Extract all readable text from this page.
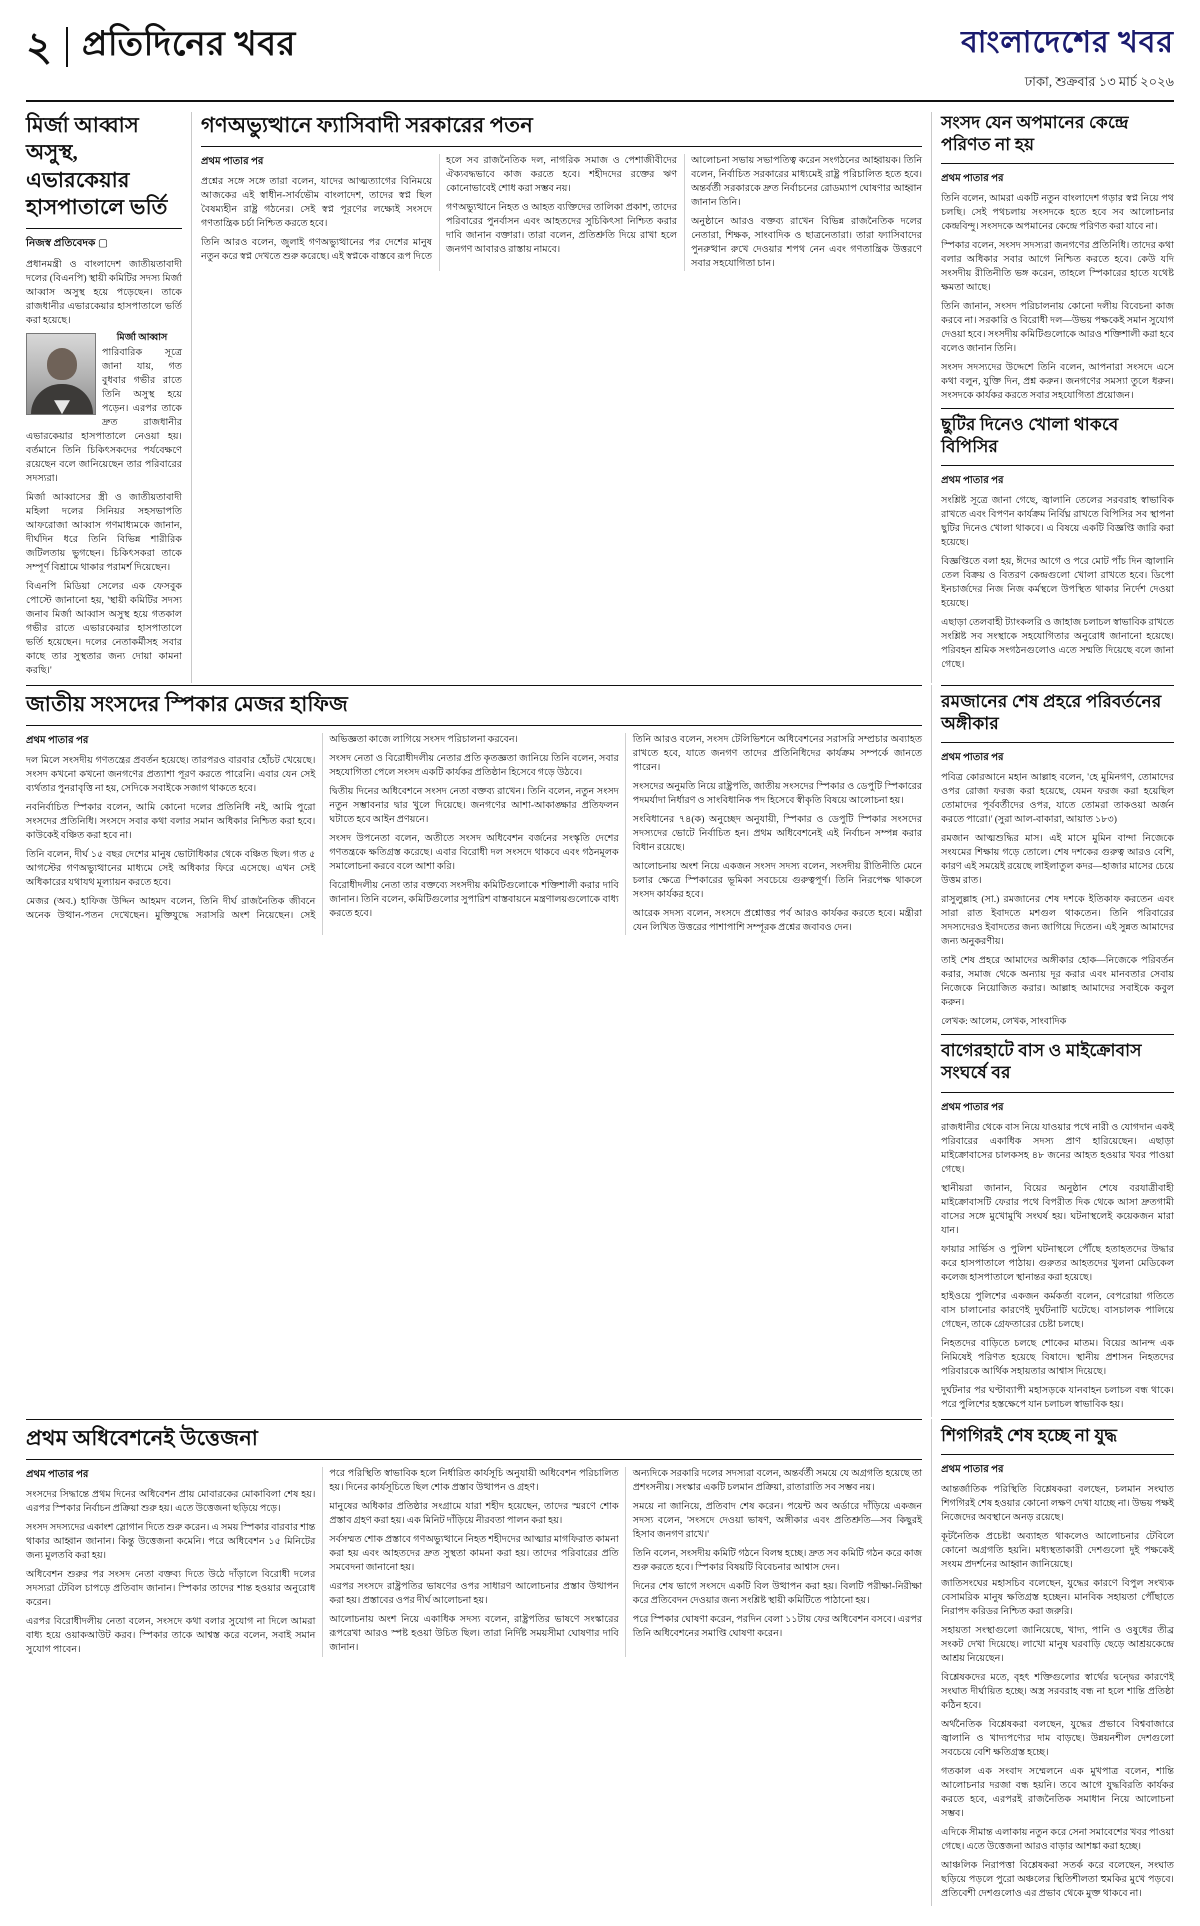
২ প্রতিদিনের খবর	বাংলাদেশের খবর
ঢাকা, শুক্রবার ১৩ মার্চ ২০২৬
মির্জা আব্বাস অসুস্থ, এভারকেয়ার হাসপাতালে ভর্তি
নিজস্ব প্রতিবেদক ▢

প্রধানমন্ত্রী ও বাংলাদেশ জাতীয়তাবাদী দলের (বিএনপি) স্থায়ী কমিটির সদস্য মির্জা আব্বাস অসুস্থ হয়ে পড়েছেন। তাকে রাজধানীর এভারকেয়ার হাসপাতালে ভর্তি করা হয়েছে।

মির্জা আব্বাস

পারিবারিক সূত্রে জানা যায়, গত বুধবার গভীর রাতে তিনি অসুস্থ হয়ে পড়েন। এরপর তাকে দ্রুত রাজধানীর এভারকেয়ার হাসপাতালে নেওয়া হয়। বর্তমানে তিনি চিকিৎসকদের পর্যবেক্ষণে রয়েছেন বলে জানিয়েছেন তার পরিবারের সদস্যরা।

মির্জা আব্বাসের স্ত্রী ও জাতীয়তাবাদী মহিলা দলের সিনিয়র সহসভাপতি আফরোজা আব্বাস গণমাধ্যমকে জানান, দীর্ঘদিন ধরে তিনি বিভিন্ন শারীরিক জটিলতায় ভুগছেন। চিকিৎসকরা তাকে সম্পূর্ণ বিশ্রামে থাকার পরামর্শ দিয়েছেন।

বিএনপি মিডিয়া সেলের এক ফেসবুক পোস্টে জানানো হয়, 'স্থায়ী কমিটির সদস্য জনাব মির্জা আব্বাস অসুস্থ হয়ে গতকাল গভীর রাতে এভারকেয়ার হাসপাতালে ভর্তি হয়েছেন। দলের নেতাকর্মীসহ সবার কাছে তার সুস্থতার জন্য দোয়া কামনা করছি।'

গণঅভ্যুত্থানে ফ্যাসিবাদী সরকারের পতন
প্রথম পাতার পর

প্রশ্নের সঙ্গে সঙ্গে তারা বলেন, যাদের আত্মত্যাগের বিনিময়ে আজকের এই স্বাধীন-সার্বভৌম বাংলাদেশ, তাদের স্বপ্ন ছিল বৈষম্যহীন রাষ্ট্র গঠনের। সেই স্বপ্ন পূরণের লক্ষ্যেই সংসদে গণতান্ত্রিক চর্চা নিশ্চিত করতে হবে।

তিনি আরও বলেন, জুলাই গণঅভ্যুত্থানের পর দেশের মানুষ নতুন করে স্বপ্ন দেখতে শুরু করেছে। এই স্বপ্নকে বাস্তবে রূপ দিতে হলে সব রাজনৈতিক দল, নাগরিক সমাজ ও পেশাজীবীদের ঐক্যবদ্ধভাবে কাজ করতে হবে। শহীদদের রক্তের ঋণ কোনোভাবেই শোধ করা সম্ভব নয়।

গণঅভ্যুত্থানে নিহত ও আহত ব্যক্তিদের তালিকা প্রকাশ, তাদের পরিবারের পুনর্বাসন এবং আহতদের সুচিকিৎসা নিশ্চিত করার দাবি জানান বক্তারা। তারা বলেন, প্রতিশ্রুতি দিয়ে রাখা হলে জনগণ আবারও রাস্তায় নামবে।

আলোচনা সভায় সভাপতিত্ব করেন সংগঠনের আহ্বায়ক। তিনি বলেন, নির্বাচিত সরকারের মাধ্যমেই রাষ্ট্র পরিচালিত হতে হবে। অন্তর্বর্তী সরকারকে দ্রুত নির্বাচনের রোডম্যাপ ঘোষণার আহ্বান জানান তিনি।

অনুষ্ঠানে আরও বক্তব্য রাখেন বিভিন্ন রাজনৈতিক দলের নেতারা, শিক্ষক, সাংবাদিক ও ছাত্রনেতারা। তারা ফ্যাসিবাদের পুনরুত্থান রুখে দেওয়ার শপথ নেন এবং গণতান্ত্রিক উত্তরণে সবার সহযোগিতা চান।

সংসদ যেন অপমানের কেন্দ্রে পরিণত না হয়
প্রথম পাতার পর

তিনি বলেন, আমরা একটি নতুন বাংলাদেশ গড়ার স্বপ্ন নিয়ে পথ চলছি। সেই পথচলায় সংসদকে হতে হবে সব আলোচনার কেন্দ্রবিন্দু। সংসদকে অপমানের কেন্দ্রে পরিণত করা যাবে না।

স্পিকার বলেন, সংসদ সদস্যরা জনগণের প্রতিনিধি। তাদের কথা বলার অধিকার সবার আগে নিশ্চিত করতে হবে। কেউ যদি সংসদীয় রীতিনীতি ভঙ্গ করেন, তাহলে স্পিকারের হাতে যথেষ্ট ক্ষমতা আছে।

তিনি জানান, সংসদ পরিচালনায় কোনো দলীয় বিবেচনা কাজ করবে না। সরকারি ও বিরোধী দল—উভয় পক্ষকেই সমান সুযোগ দেওয়া হবে। সংসদীয় কমিটিগুলোকে আরও শক্তিশালী করা হবে বলেও জানান তিনি।

সংসদ সদস্যদের উদ্দেশে তিনি বলেন, আপনারা সংসদে এসে কথা বলুন, যুক্তি দিন, প্রশ্ন করুন। জনগণের সমস্যা তুলে ধরুন। সংসদকে কার্যকর করতে সবার সহযোগিতা প্রয়োজন।

ছুটির দিনেও খোলা থাকবে বিপিসির
প্রথম পাতার পর

সংশ্লিষ্ট সূত্রে জানা গেছে, জ্বালানি তেলের সরবরাহ স্বাভাবিক রাখতে এবং বিপণন কার্যক্রম নির্বিঘ্ন রাখতে বিপিসির সব স্থাপনা ছুটির দিনেও খোলা থাকবে। এ বিষয়ে একটি বিজ্ঞপ্তি জারি করা হয়েছে।

বিজ্ঞপ্তিতে বলা হয়, ঈদের আগে ও পরে মোট পাঁচ দিন জ্বালানি তেল বিক্রয় ও বিতরণ কেন্দ্রগুলো খোলা রাখতে হবে। ডিপো ইনচার্জদের নিজ নিজ কর্মস্থলে উপস্থিত থাকার নির্দেশ দেওয়া হয়েছে।

এছাড়া তেলবাহী ট্যাংকলরি ও জাহাজ চলাচল স্বাভাবিক রাখতে সংশ্লিষ্ট সব সংস্থাকে সহযোগিতার অনুরোধ জানানো হয়েছে। পরিবহন শ্রমিক সংগঠনগুলোও এতে সম্মতি দিয়েছে বলে জানা গেছে।

জাতীয় সংসদের স্পিকার মেজর হাফিজ
প্রথম পাতার পর

দল মিলে সংসদীয় গণতন্ত্রের প্রবর্তন হয়েছে। তারপরও বারবার হোঁচট খেয়েছে। সংসদ কখনো কখনো জনগণের প্রত্যাশা পূরণ করতে পারেনি। এবার যেন সেই ব্যর্থতার পুনরাবৃত্তি না হয়, সেদিকে সবাইকে সজাগ থাকতে হবে।

নবনির্বাচিত স্পিকার বলেন, আমি কোনো দলের প্রতিনিধি নই, আমি পুরো সংসদের প্রতিনিধি। সংসদে সবার কথা বলার সমান অধিকার নিশ্চিত করা হবে। কাউকেই বঞ্চিত করা হবে না।

তিনি বলেন, দীর্ঘ ১৫ বছর দেশের মানুষ ভোটাধিকার থেকে বঞ্চিত ছিল। গত ৫ আগস্টের গণঅভ্যুত্থানের মাধ্যমে সেই অধিকার ফিরে এসেছে। এখন সেই অধিকারের যথাযথ মূল্যায়ন করতে হবে।

মেজর (অব.) হাফিজ উদ্দিন আহমদ বলেন, তিনি দীর্ঘ রাজনৈতিক জীবনে অনেক উত্থান-পতন দেখেছেন। মুক্তিযুদ্ধে সরাসরি অংশ নিয়েছেন। সেই অভিজ্ঞতা কাজে লাগিয়ে সংসদ পরিচালনা করবেন।

সংসদ নেতা ও বিরোধীদলীয় নেতার প্রতি কৃতজ্ঞতা জানিয়ে তিনি বলেন, সবার সহযোগিতা পেলে সংসদ একটি কার্যকর প্রতিষ্ঠান হিসেবে গড়ে উঠবে।

দ্বিতীয় দিনের অধিবেশনে সংসদ নেতা বক্তব্য রাখেন। তিনি বলেন, নতুন সংসদ নতুন সম্ভাবনার দ্বার খুলে দিয়েছে। জনগণের আশা-আকাঙ্ক্ষার প্রতিফলন ঘটাতে হবে আইন প্রণয়নে।

সংসদ উপনেতা বলেন, অতীতে সংসদ অধিবেশন বর্জনের সংস্কৃতি দেশের গণতন্ত্রকে ক্ষতিগ্রস্ত করেছে। এবার বিরোধী দল সংসদে থাকবে এবং গঠনমূলক সমালোচনা করবে বলে আশা করি।

বিরোধীদলীয় নেতা তার বক্তব্যে সংসদীয় কমিটিগুলোকে শক্তিশালী করার দাবি জানান। তিনি বলেন, কমিটিগুলোর সুপারিশ বাস্তবায়নে মন্ত্রণালয়গুলোকে বাধ্য করতে হবে।

তিনি আরও বলেন, সংসদ টেলিভিশনে অধিবেশনের সরাসরি সম্প্রচার অব্যাহত রাখতে হবে, যাতে জনগণ তাদের প্রতিনিধিদের কার্যক্রম সম্পর্কে জানতে পারেন।

সংসদের অনুমতি নিয়ে রাষ্ট্রপতি, জাতীয় সংসদের স্পিকার ও ডেপুটি স্পিকারের পদমর্যাদা নির্ধারণ ও সাংবিধানিক পদ হিসেবে স্বীকৃতি বিষয়ে আলোচনা হয়।

সংবিধানের ৭৪(ক) অনুচ্ছেদ অনুযায়ী, স্পিকার ও ডেপুটি স্পিকার সংসদের সদস্যদের ভোটে নির্বাচিত হন। প্রথম অধিবেশনেই এই নির্বাচন সম্পন্ন করার বিধান রয়েছে।

আলোচনায় অংশ নিয়ে একজন সংসদ সদস্য বলেন, সংসদীয় রীতিনীতি মেনে চলার ক্ষেত্রে স্পিকারের ভূমিকা সবচেয়ে গুরুত্বপূর্ণ। তিনি নিরপেক্ষ থাকলে সংসদ কার্যকর হবে।

আরেক সদস্য বলেন, সংসদে প্রশ্নোত্তর পর্ব আরও কার্যকর করতে হবে। মন্ত্রীরা যেন লিখিত উত্তরের পাশাপাশি সম্পূরক প্রশ্নের জবাবও দেন।

রমজানের শেষ প্রহরে পরিবর্তনের অঙ্গীকার
প্রথম পাতার পর

পবিত্র কোরআনে মহান আল্লাহ বলেন, 'হে মুমিনগণ, তোমাদের ওপর রোজা ফরজ করা হয়েছে, যেমন ফরজ করা হয়েছিল তোমাদের পূর্ববর্তীদের ওপর, যাতে তোমরা তাকওয়া অর্জন করতে পারো।' (সুরা আল-বাকারা, আয়াত ১৮৩)

রমজান আত্মশুদ্ধির মাস। এই মাসে মুমিন বান্দা নিজেকে সংযমের শিক্ষায় গড়ে তোলে। শেষ দশকের গুরুত্ব আরও বেশি, কারণ এই সময়েই রয়েছে লাইলাতুল কদর—হাজার মাসের চেয়ে উত্তম রাত।

রাসুলুল্লাহ (সা.) রমজানের শেষ দশকে ইতিকাফ করতেন এবং সারা রাত ইবাদতে মশগুল থাকতেন। তিনি পরিবারের সদস্যদেরও ইবাদতের জন্য জাগিয়ে দিতেন। এই সুন্নত আমাদের জন্য অনুকরণীয়।

তাই শেষ প্রহরে আমাদের অঙ্গীকার হোক—নিজেকে পরিবর্তন করার, সমাজ থেকে অন্যায় দূর করার এবং মানবতার সেবায় নিজেকে নিয়োজিত করার। আল্লাহ আমাদের সবাইকে কবুল করুন।

লেখক: আলেম, লেখক, সাংবাদিক

বাগেরহাটে বাস ও মাইক্রোবাস সংঘর্ষে বর
প্রথম পাতার পর

রাজধানীর থেকে বাস নিয়ে যাওয়ার পথে নারী ও যোগদান একই পরিবারের একাধিক সদস্য প্রাণ হারিয়েছেন। এছাড়া মাইক্রোবাসের চালকসহ ৪৮ জনের আহত হওয়ার খবর পাওয়া গেছে।

স্থানীয়রা জানান, বিয়ের অনুষ্ঠান শেষে বরযাত্রীবাহী মাইক্রোবাসটি ফেরার পথে বিপরীত দিক থেকে আসা দ্রুতগামী বাসের সঙ্গে মুখোমুখি সংঘর্ষ হয়। ঘটনাস্থলেই কয়েকজন মারা যান।

ফায়ার সার্ভিস ও পুলিশ ঘটনাস্থলে পৌঁছে হতাহতদের উদ্ধার করে হাসপাতালে পাঠায়। গুরুতর আহতদের খুলনা মেডিকেল কলেজ হাসপাতালে স্থানান্তর করা হয়েছে।

হাইওয়ে পুলিশের একজন কর্মকর্তা বলেন, বেপরোয়া গতিতে বাস চালানোর কারণেই দুর্ঘটনাটি ঘটেছে। বাসচালক পালিয়ে গেছেন, তাকে গ্রেফতারের চেষ্টা চলছে।

নিহতদের বাড়িতে চলছে শোকের মাতম। বিয়ের আনন্দ এক নিমিষেই পরিণত হয়েছে বিষাদে। স্থানীয় প্রশাসন নিহতদের পরিবারকে আর্থিক সহায়তার আশ্বাস দিয়েছে।

দুর্ঘটনার পর ঘণ্টাব্যাপী মহাসড়কে যানবাহন চলাচল বন্ধ থাকে। পরে পুলিশের হস্তক্ষেপে যান চলাচল স্বাভাবিক হয়।

প্রথম অধিবেশনেই উত্তেজনা
প্রথম পাতার পর

সংসদের সিদ্ধান্তে প্রথম দিনের অধিবেশন প্রায় মোবারকের মোকাবিলা শেষ হয়। এরপর স্পিকার নির্বাচন প্রক্রিয়া শুরু হয়। এতে উত্তেজনা ছড়িয়ে পড়ে।

সংসদ সদস্যদের একাংশ স্লোগান দিতে শুরু করেন। এ সময় স্পিকার বারবার শান্ত থাকার আহ্বান জানান। কিন্তু উত্তেজনা কমেনি। পরে অধিবেশন ১৫ মিনিটের জন্য মুলতবি করা হয়।

অধিবেশন শুরুর পর সংসদ নেতা বক্তব্য দিতে উঠে দাঁড়ালে বিরোধী দলের সদস্যরা টেবিল চাপড়ে প্রতিবাদ জানান। স্পিকার তাদের শান্ত হওয়ার অনুরোধ করেন।

এরপর বিরোধীদলীয় নেতা বলেন, সংসদে কথা বলার সুযোগ না দিলে আমরা বাধ্য হয়ে ওয়াকআউট করব। স্পিকার তাকে আশ্বস্ত করে বলেন, সবাই সমান সুযোগ পাবেন।

পরে পরিস্থিতি স্বাভাবিক হলে নির্ধারিত কার্যসূচি অনুযায়ী অধিবেশন পরিচালিত হয়। দিনের কার্যসূচিতে ছিল শোক প্রস্তাব উত্থাপন ও গ্রহণ।

মানুষের অধিকার প্রতিষ্ঠার সংগ্রামে যারা শহীদ হয়েছেন, তাদের স্মরণে শোক প্রস্তাব গ্রহণ করা হয়। এক মিনিট দাঁড়িয়ে নীরবতা পালন করা হয়।

সর্বসম্মত শোক প্রস্তাবে গণঅভ্যুত্থানে নিহত শহীদদের আত্মার মাগফিরাত কামনা করা হয় এবং আহতদের দ্রুত সুস্থতা কামনা করা হয়। তাদের পরিবারের প্রতি সমবেদনা জানানো হয়।

এরপর সংসদে রাষ্ট্রপতির ভাষণের ওপর সাধারণ আলোচনার প্রস্তাব উত্থাপন করা হয়। প্রস্তাবের ওপর দীর্ঘ আলোচনা হয়।

আলোচনায় অংশ নিয়ে একাধিক সদস্য বলেন, রাষ্ট্রপতির ভাষণে সংস্কারের রূপরেখা আরও স্পষ্ট হওয়া উচিত ছিল। তারা নির্দিষ্ট সময়সীমা ঘোষণার দাবি জানান।

অন্যদিকে সরকারি দলের সদস্যরা বলেন, অন্তর্বর্তী সময়ে যে অগ্রগতি হয়েছে তা প্রশংসনীয়। সংস্কার একটি চলমান প্রক্রিয়া, রাতারাতি সব সম্ভব নয়।

সময়ে না জানিয়ে, প্রতিবাদ শেষ করেন। পয়েন্ট অব অর্ডারে দাঁড়িয়ে একজন সদস্য বলেন, 'সংসদে দেওয়া ভাষণ, অঙ্গীকার এবং প্রতিশ্রুতি—সব কিছুরই হিসাব জনগণ রাখে।'

তিনি বলেন, সংসদীয় কমিটি গঠনে বিলম্ব হচ্ছে। দ্রুত সব কমিটি গঠন করে কাজ শুরু করতে হবে। স্পিকার বিষয়টি বিবেচনার আশ্বাস দেন।

দিনের শেষ ভাগে সংসদে একটি বিল উত্থাপন করা হয়। বিলটি পরীক্ষা-নিরীক্ষা করে প্রতিবেদন দেওয়ার জন্য সংশ্লিষ্ট স্থায়ী কমিটিতে পাঠানো হয়।

পরে স্পিকার ঘোষণা করেন, পরদিন বেলা ১১টায় ফের অধিবেশন বসবে। এরপর তিনি অধিবেশনের সমাপ্তি ঘোষণা করেন।

শিগগিরই শেষ হচ্ছে না যুদ্ধ
প্রথম পাতার পর

আন্তর্জাতিক পরিস্থিতি বিশ্লেষকরা বলছেন, চলমান সংঘাত শিগগিরই শেষ হওয়ার কোনো লক্ষণ দেখা যাচ্ছে না। উভয় পক্ষই নিজেদের অবস্থানে অনড় রয়েছে।

কূটনৈতিক প্রচেষ্টা অব্যাহত থাকলেও আলোচনার টেবিলে কোনো অগ্রগতি হয়নি। মধ্যস্থতাকারী দেশগুলো দুই পক্ষকেই সংযম প্রদর্শনের আহ্বান জানিয়েছে।

জাতিসংঘের মহাসচিব বলেছেন, যুদ্ধের কারণে বিপুল সংখ্যক বেসামরিক মানুষ ক্ষতিগ্রস্ত হচ্ছেন। মানবিক সহায়তা পৌঁছাতে নিরাপদ করিডর নিশ্চিত করা জরুরি।

সহায়তা সংস্থাগুলো জানিয়েছে, খাদ্য, পানি ও ওষুধের তীব্র সংকট দেখা দিয়েছে। লাখো মানুষ ঘরবাড়ি ছেড়ে আশ্রয়কেন্দ্রে আশ্রয় নিয়েছেন।

বিশ্লেষকদের মতে, বৃহৎ শক্তিগুলোর স্বার্থের দ্বন্দ্বের কারণেই সংঘাত দীর্ঘায়িত হচ্ছে। অস্ত্র সরবরাহ বন্ধ না হলে শান্তি প্রতিষ্ঠা কঠিন হবে।

অর্থনৈতিক বিশ্লেষকরা বলছেন, যুদ্ধের প্রভাবে বিশ্ববাজারে জ্বালানি ও খাদ্যপণ্যের দাম বাড়ছে। উন্নয়নশীল দেশগুলো সবচেয়ে বেশি ক্ষতিগ্রস্ত হচ্ছে।

গতকাল এক সংবাদ সম্মেলনে এক মুখপাত্র বলেন, শান্তি আলোচনার দরজা বন্ধ হয়নি। তবে আগে যুদ্ধবিরতি কার্যকর করতে হবে, এরপরই রাজনৈতিক সমাধান নিয়ে আলোচনা সম্ভব।

এদিকে সীমান্ত এলাকায় নতুন করে সেনা সমাবেশের খবর পাওয়া গেছে। এতে উত্তেজনা আরও বাড়ার আশঙ্কা করা হচ্ছে।

আঞ্চলিক নিরাপত্তা বিশ্লেষকরা সতর্ক করে বলেছেন, সংঘাত ছড়িয়ে পড়লে পুরো অঞ্চলের স্থিতিশীলতা হুমকির মুখে পড়বে। প্রতিবেশী দেশগুলোও এর প্রভাব থেকে মুক্ত থাকবে না।
